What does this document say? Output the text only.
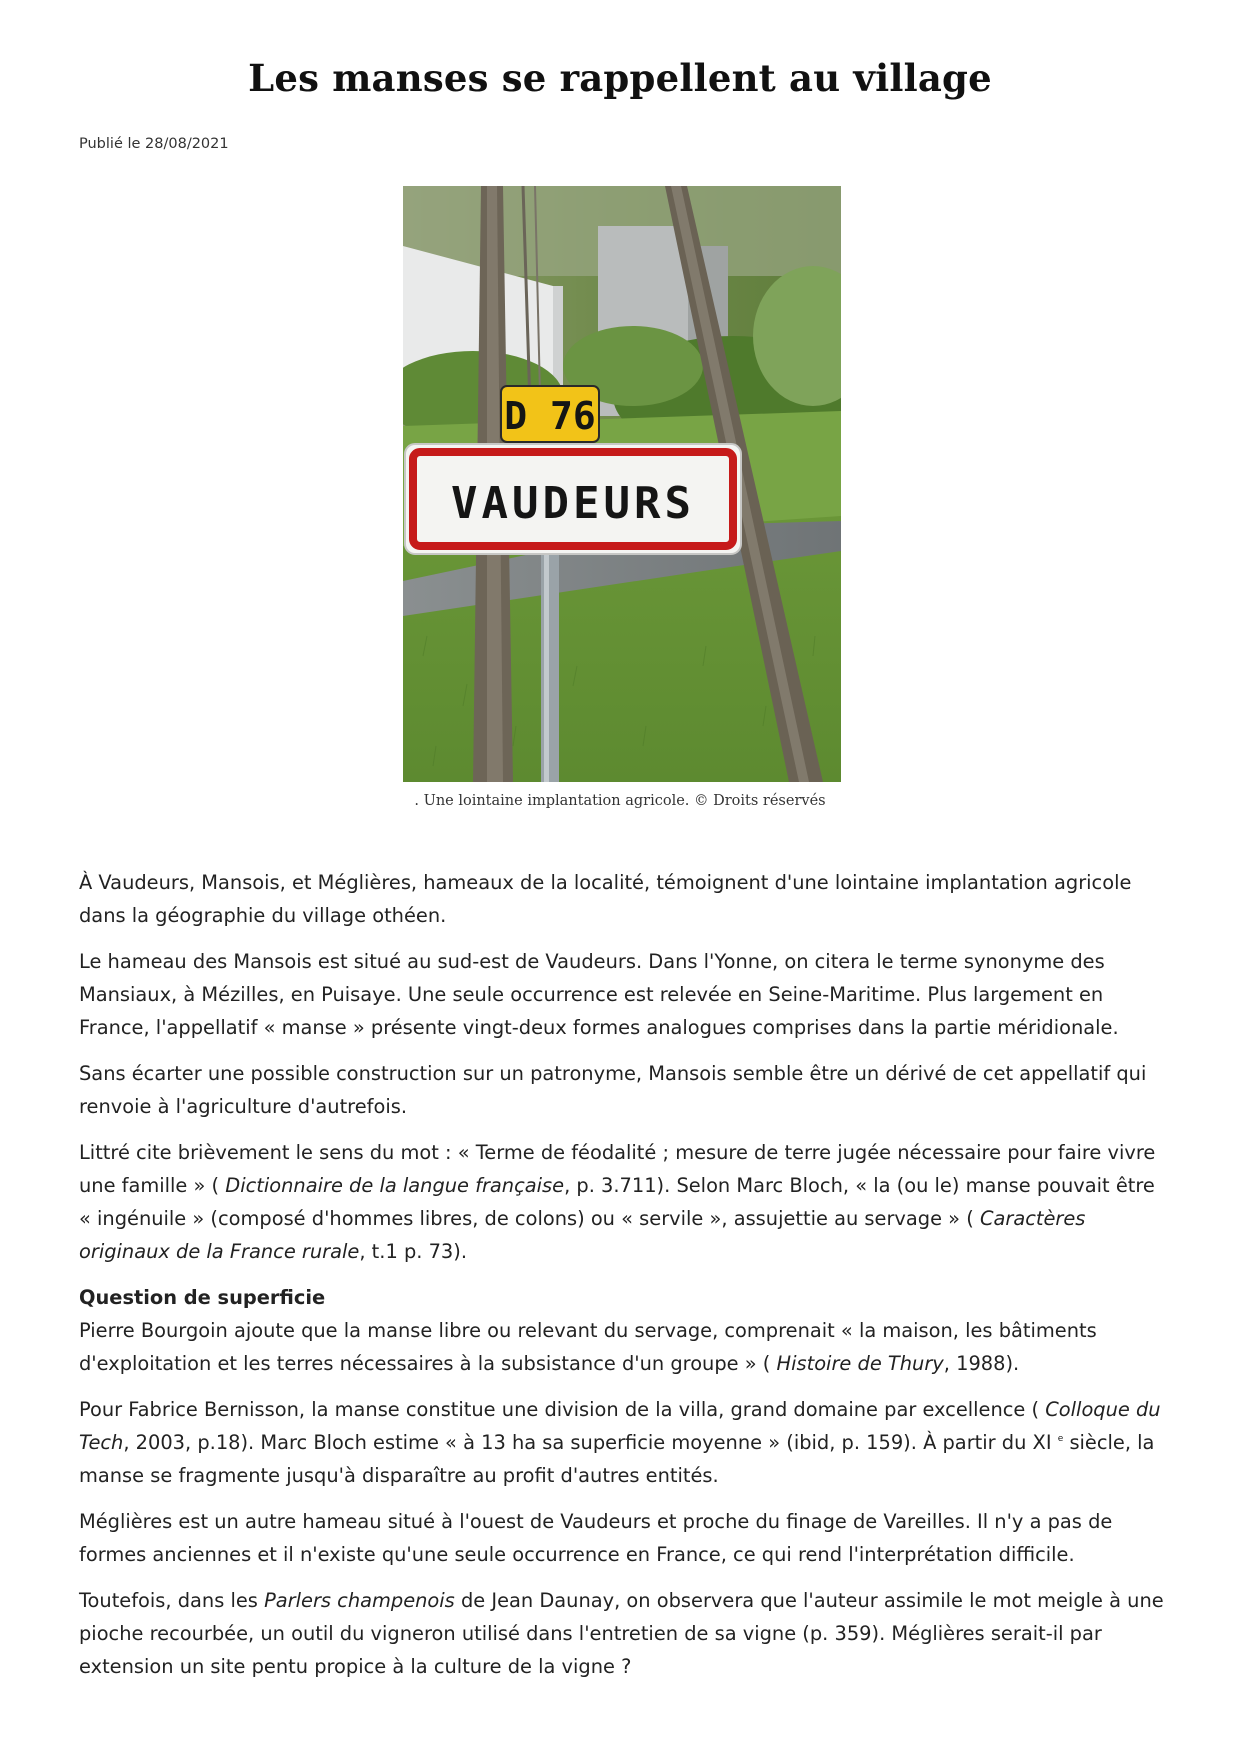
Les manses se rappellent au village
Publié le 28/08/2021
D 76
VAUDEURS
. Une lointaine implantation agricole. © Droits réservés

À Vaudeurs, Mansois, et Méglières, hameaux de la localité, témoignent d'une lointaine implantation agricole dans la géographie du village othéen.

Le hameau des Mansois est situé au sud-est de Vaudeurs. Dans l'Yonne, on citera le terme synonyme des Mansiaux, à Mézilles, en Puisaye. Une seule occurrence est relevée en Seine-Maritime. Plus largement en France, l'appellatif « manse » présente vingt-deux formes analogues comprises dans la partie méridionale.

Sans écarter une possible construction sur un patronyme, Mansois semble être un dérivé de cet appellatif qui renvoie à l'agriculture d'autrefois.

Littré cite brièvement le sens du mot : « Terme de féodalité ; mesure de terre jugée nécessaire pour faire vivre une famille » ( Dictionnaire de la langue française, p. 3.711). Selon Marc Bloch, « la (ou le) manse pouvait être « ingénuile » (composé d'hommes libres, de colons) ou « servile », assujettie au servage » ( Caractères originaux de la France rurale, t.1 p. 73).

Question de superficie
Pierre Bourgoin ajoute que la manse libre ou relevant du servage, comprenait « la maison, les bâtiments d'exploitation et les terres nécessaires à la subsistance d'un groupe » ( Histoire de Thury, 1988).

Pour Fabrice Bernisson, la manse constitue une division de la villa, grand domaine par excellence ( Colloque du Tech, 2003, p.18). Marc Bloch estime « à 13 ha sa superficie moyenne » (ibid, p. 159). À partir du XI $^e$ siècle, la manse se fragmente jusqu'à disparaître au profit d'autres entités.

Méglières est un autre hameau situé à l'ouest de Vaudeurs et proche du finage de Vareilles. Il n'y a pas de formes anciennes et il n'existe qu'une seule occurrence en France, ce qui rend l'interprétation difficile.

Toutefois, dans les Parlers champenois de Jean Daunay, on observera que l'auteur assimile le mot meigle à une pioche recourbée, un outil du vigneron utilisé dans l'entretien de sa vigne (p. 359). Méglières serait-il par extension un site pentu propice à la culture de la vigne ?
